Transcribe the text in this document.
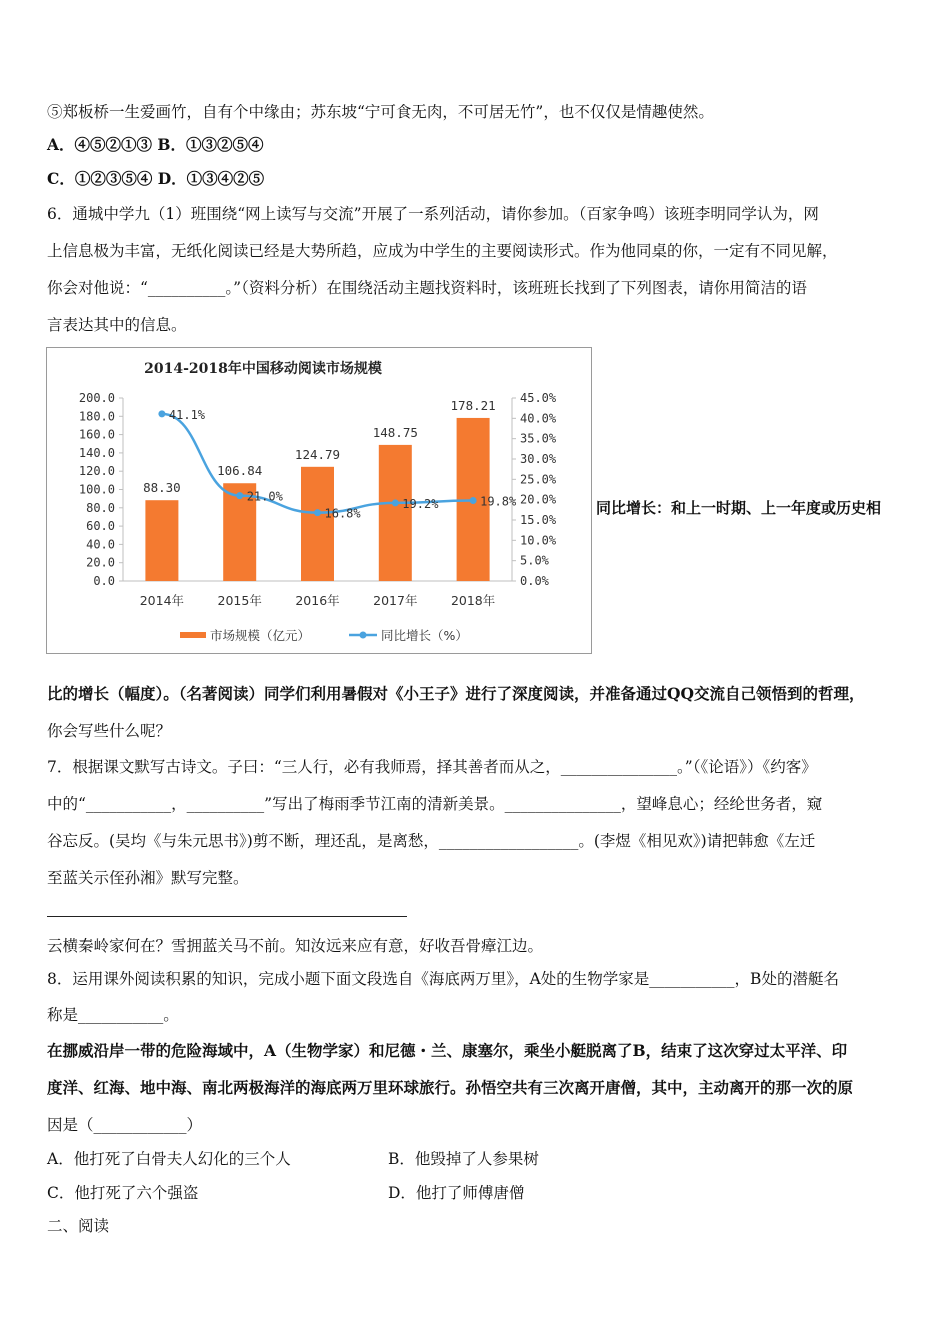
⑤郑板桥一生爱画竹，自有个中缘由；苏东坡“宁可食无肉，不可居无竹”，也不仅仅是情趣使然。
A．④⑤②①③ B．①③②⑤④
C．①②③⑤④ D．①③④②⑤
6．通城中学九（1）班围绕“网上读写与交流”开展了一系列活动，请你参加。（百家争鸣）该班李明同学认为，网
上信息极为丰富，无纸化阅读已经是大势所趋，应成为中学生的主要阅读形式。作为他同桌的你，一定有不同见解，
你会对他说：“__________。”（资料分析）在围绕活动主题找资料时，该班班长找到了下列图表，请你用简洁的语
言表达其中的信息。
2014-2018年中国移动阅读市场规模
0.0
20.0
40.0
60.0
80.0
100.0
120.0
140.0
160.0
180.0
200.0
0.0%
5.0%
10.0%
15.0%
20.0%
25.0%
30.0%
35.0%
40.0%
45.0%
88.30
106.84
124.79
148.75
178.21
41.1%
21.0%
16.8%
19.2%	19.8%
2014年	2015年	2016年	2017年	2018年
市场规模（亿元）	同比增长（%）
同比增长：和上一时期、上一年度或历史相
比的增长（幅度）。（名著阅读）同学们利用暑假对《小王子》进行了深度阅读，并准备通过QQ交流自己领悟到的哲理，
你会写些什么呢？
7．根据课文默写古诗文。子曰：“三人行，必有我师焉，择其善者而从之，_______________。”（《论语》）《约客》
中的“___________，__________”写出了梅雨季节江南的清新美景。_______________，望峰息心；经纶世务者，窥
谷忘反。(吴均《与朱元思书》)剪不断，理还乱，是离愁，__________________。(李煜《相见欢》)请把韩愈《左迁
至蓝关示侄孙湘》默写完整。
云横秦岭家何在？雪拥蓝关马不前。知汝远来应有意，好收吾骨瘴江边。
8．运用课外阅读积累的知识，完成小题下面文段选自《海底两万里》，A处的生物学家是___________，B处的潜艇名
称是___________。
在挪威沿岸一带的危险海域中，A（生物学家）和尼德・兰、康塞尔，乘坐小艇脱离了B，结束了这次穿过太平洋、印
度洋、红海、地中海、南北两极海洋的海底两万里环球旅行。孙悟空共有三次离开唐僧，其中，主动离开的那一次的原
因是（____________）
A．他打死了白骨夫人幻化的三个人	B．他毁掉了人参果树
C．他打死了六个强盗	D．他打了师傅唐僧
二、阅读
